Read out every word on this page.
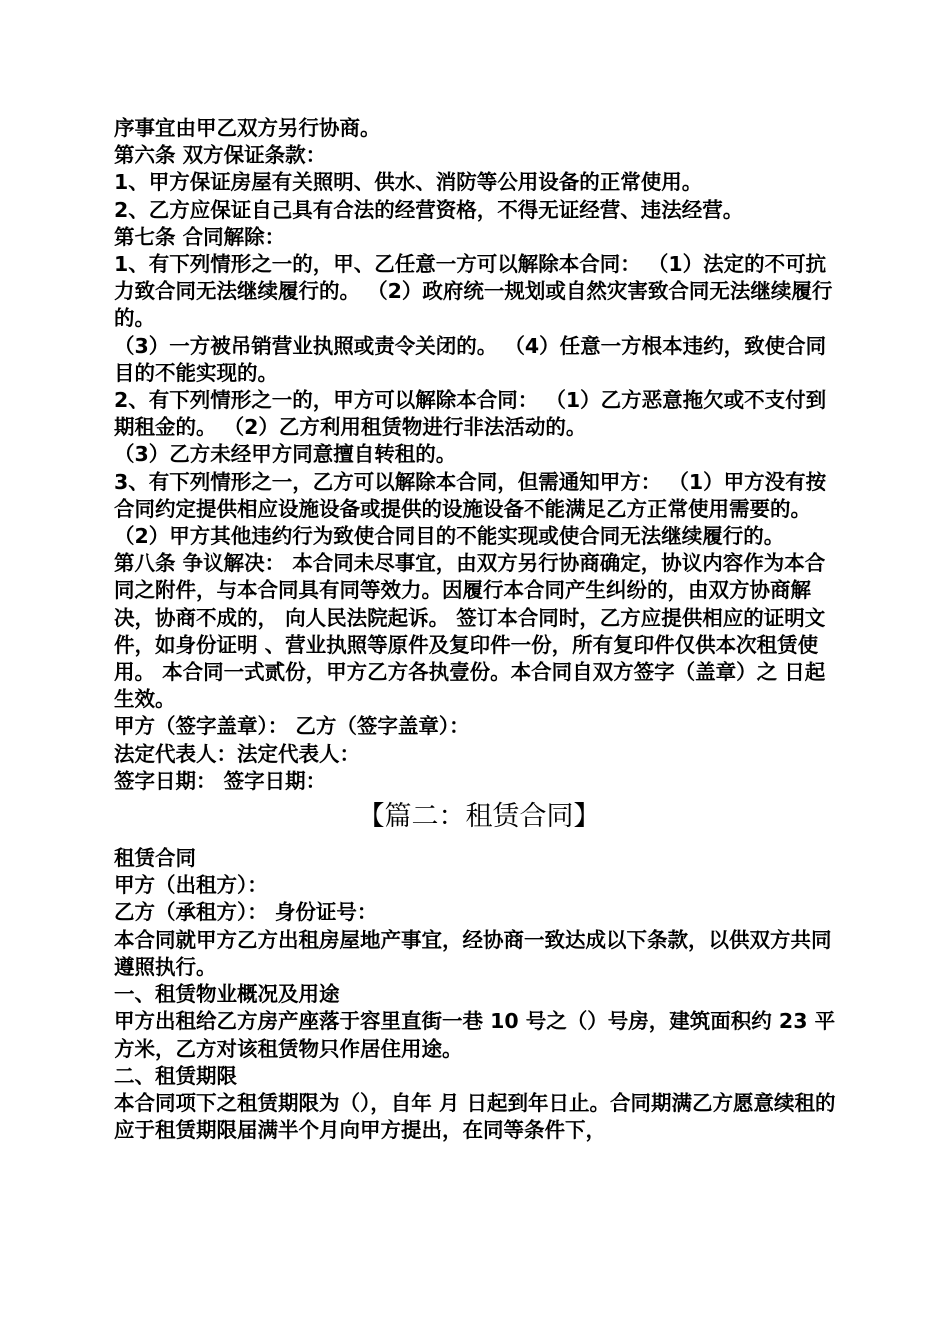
序事宜由甲乙双方另行协商。

第六条 双方保证条款：

1、甲方保证房屋有关照明、供水、消防等公用设备的正常使用。

2、乙方应保证自己具有合法的经营资格，不得无证经营、违法经营。

第七条 合同解除：

1、有下列情形之一的，甲、乙任意一方可以解除本合同： （1）法定的不可抗力致合同无法继续履行的。 （2）政府统一规划或自然灾害致合同无法继续履行的。

（3）一方被吊销营业执照或责令关闭的。 （4）任意一方根本违约，致使合同目的不能实现的。

2、有下列情形之一的，甲方可以解除本合同： （1）乙方恶意拖欠或不支付到期租金的。 （2）乙方利用租赁物进行非法活动的。

（3）乙方未经甲方同意擅自转租的。

3、有下列情形之一，乙方可以解除本合同，但需通知甲方： （1）甲方没有按合同约定提供相应设施设备或提供的设施设备不能满足乙方正常使用需要的。

（2）甲方其他违约行为致使合同目的不能实现或使合同无法继续履行的。

第八条 争议解决： 本合同未尽事宜，由双方另行协商确定，协议内容作为本合同之附件，与本合同具有同等效力。因履行本合同产生纠纷的，由双方协商解决，协商不成的， 向人民法院起诉。 签订本合同时，乙方应提供相应的证明文件，如身份证明 、营业执照等原件及复印件一份，所有复印件仅供本次租赁使用。 本合同一式贰份，甲方乙方各执壹份。本合同自双方签字（盖章）之 日起生效。

甲方（签字盖章）： 乙方（签字盖章）：

法定代表人：法定代表人：

签字日期： 签字日期：

【篇二：租赁合同】

租赁合同

甲方（出租方）：

乙方（承租方）： 身份证号：

本合同就甲方乙方出租房屋地产事宜，经协商一致达成以下条款，以供双方共同遵照执行。

一、租赁物业概况及用途

甲方出租给乙方房产座落于容里直街一巷 10 号之（）号房，建筑面积约 23 平方米，乙方对该租赁物只作居住用途。

二、租赁期限

本合同项下之租赁期限为（），自年 月 日起到年日止。合同期满乙方愿意续租的应于租赁期限届满半个月向甲方提出，在同等条件下，
